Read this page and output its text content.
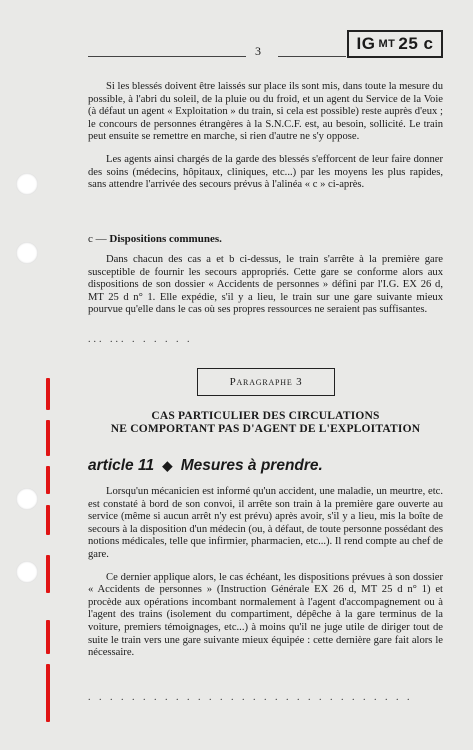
3	IG MT 25 c

Si les blessés doivent être laissés sur place ils sont mis, dans toute la mesure du possible, à l'abri du soleil, de la pluie ou du froid, et un agent du Service de la Voie (à défaut un agent « Exploitation » du train, si cela est possible) reste auprès d'eux ; le concours de personnes étrangères à la S.N.C.F. est, au besoin, sollicité. Le train peut ensuite se remettre en marche, si rien d'autre ne s'y oppose.

Les agents ainsi chargés de la garde des blessés s'efforcent de leur faire donner des soins (médecins, hôpitaux, cliniques, etc...) par les moyens les plus rapides, sans attendre l'arrivée des secours prévus à l'alinéa « c » ci-après.

c — Dispositions communes.

Dans chacun des cas a et b ci-dessus, le train s'arrête à la première gare susceptible de fournir les secours appropriés. Cette gare se conforme alors aux dispositions de son dossier « Accidents de personnes » défini par l'I.G. EX 26 d, MT 25 d n° 1. Elle expédie, s'il y a lieu, le train sur une gare suivante mieux pourvue qu'elle dans le cas où ses propres ressources ne seraient pas suffisantes.

... ... . . . . . .
Paragraphe 3
CAS PARTICULIER DES CIRCULATIONS
NE COMPORTANT PAS D'AGENT DE L'EXPLOITATION
article 11 ◆ Mesures à prendre.

Lorsqu'un mécanicien est informé qu'un accident, une maladie, un meurtre, etc. est constaté à bord de son convoi, il arrête son train à la première gare ouverte au service (même si aucun arrêt n'y est prévu) après avoir, s'il y a lieu, mis la boîte de secours à la disposition d'un médecin (ou, à défaut, de toute personne possédant des notions médicales, telle que infirmier, pharmacien, etc...). Il rend compte au chef de gare.

Ce dernier applique alors, le cas échéant, les dispositions prévues à son dossier « Accidents de personnes » (Instruction Générale EX 26 d, MT 25 d n° 1) et procède aux opérations incombant normalement à l'agent d'accompagnement ou à l'agent des trains (isolement du compartiment, dépêche à la gare terminus de la voiture, premiers témoignages, etc...) à moins qu'il ne juge utile de diriger tout de suite le train vers une gare suivante mieux équipée : cette dernière gare fait alors le nécessaire.

. . . . . . . . . . . . . . . . . . . . . . . . . . . . . .
